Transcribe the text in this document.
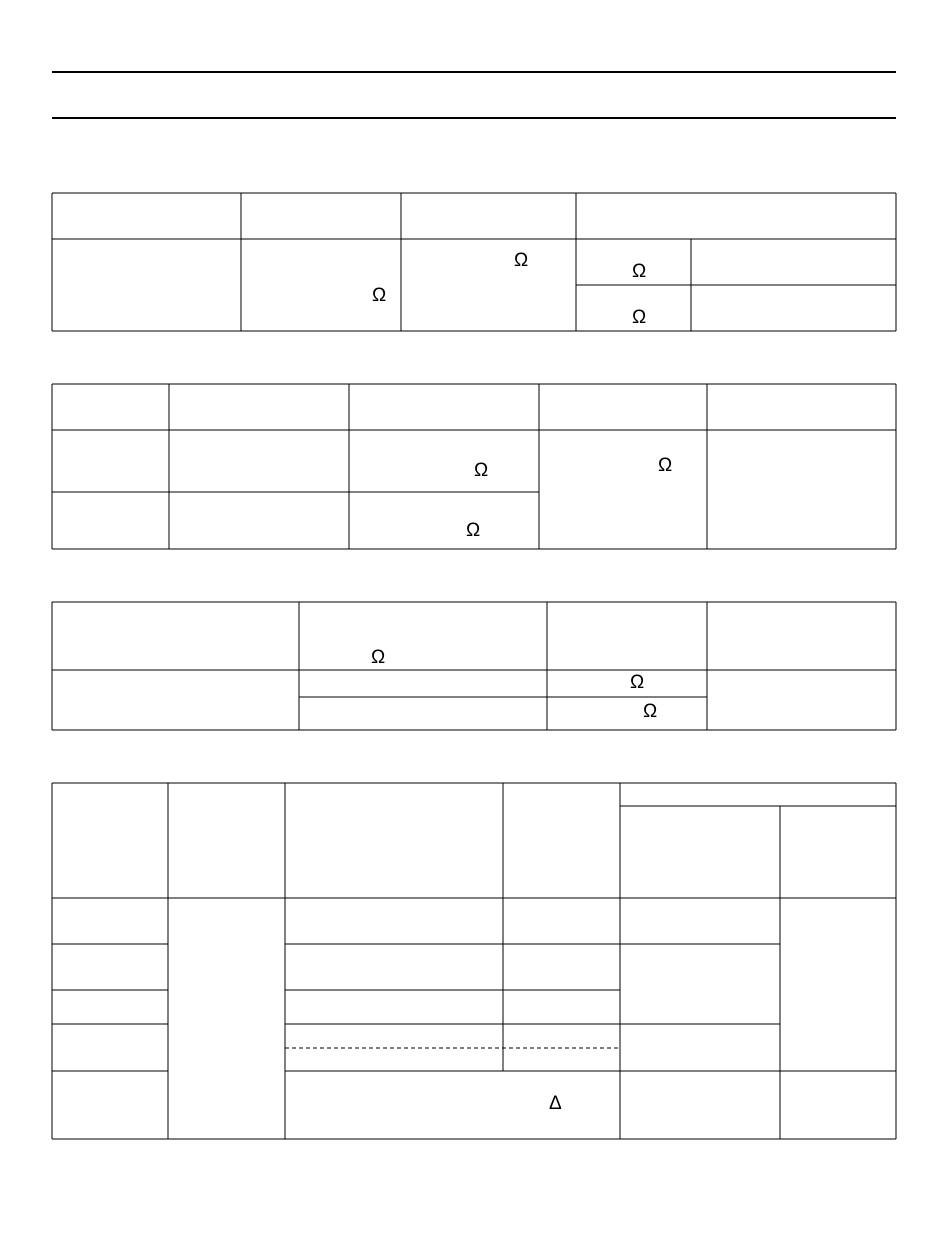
Ω
Ω
Ω
Ω
Ω	Ω
Ω
Ω
Ω
Ω
Δ
